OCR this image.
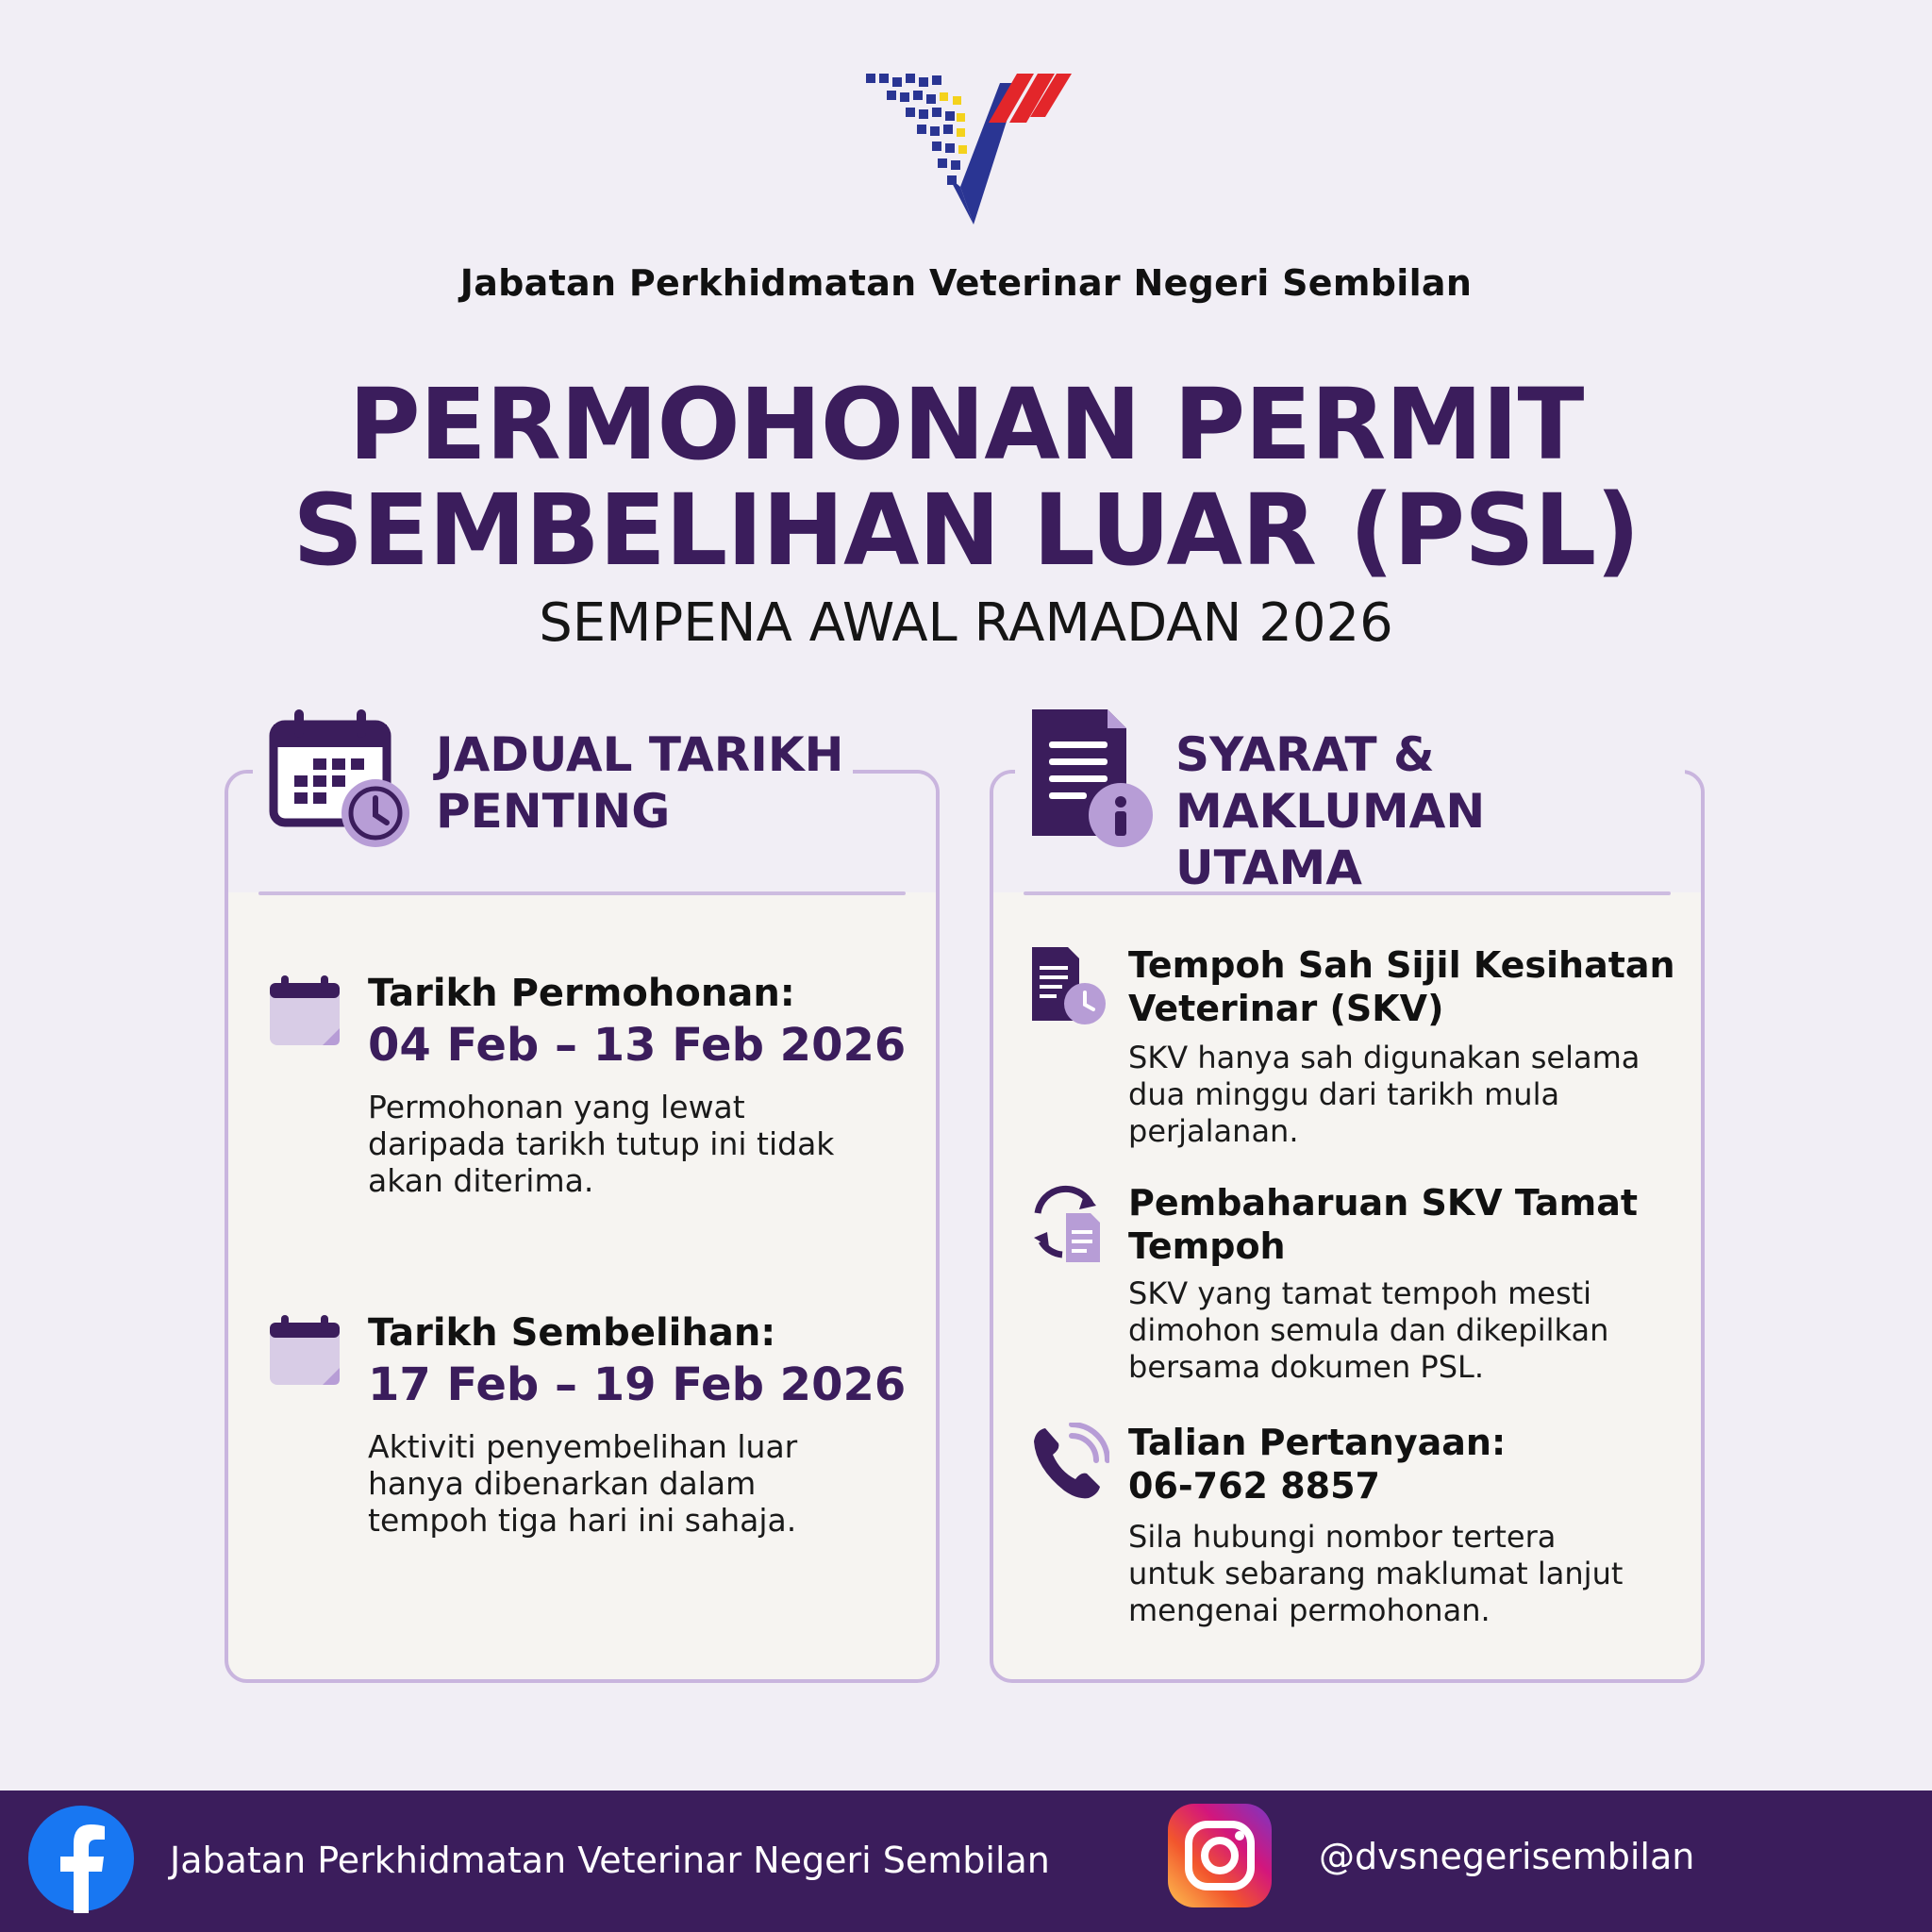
Jabatan Perkhidmatan Veterinar Negeri Sembilan
PERMOHONAN PERMIT
SEMBELIHAN LUAR (PSL)
SEMPENA AWAL RAMADAN 2026
JADUAL TARIKH
PENTING
Tarikh Permohonan:
04 Feb – 13 Feb 2026
Permohonan yang lewat
daripada tarikh tutup ini tidak
akan diterima.
Tarikh Sembelihan:
17 Feb – 19 Feb 2026
Aktiviti penyembelihan luar
hanya dibenarkan dalam
tempoh tiga hari ini sahaja.
SYARAT &
MAKLUMAN UTAMA
Tempoh Sah Sijil Kesihatan
Veterinar (SKV)
SKV hanya sah digunakan selama
dua minggu dari tarikh mula
perjalanan.
Pembaharuan SKV Tamat
Tempoh
SKV yang tamat tempoh mesti
dimohon semula dan dikepilkan
bersama dokumen PSL.
Talian Pertanyaan:
06-762 8857
Sila hubungi nombor tertera
untuk sebarang maklumat lanjut
mengenai permohonan.
Jabatan Perkhidmatan Veterinar Negeri Sembilan	@dvsnegerisembilan
